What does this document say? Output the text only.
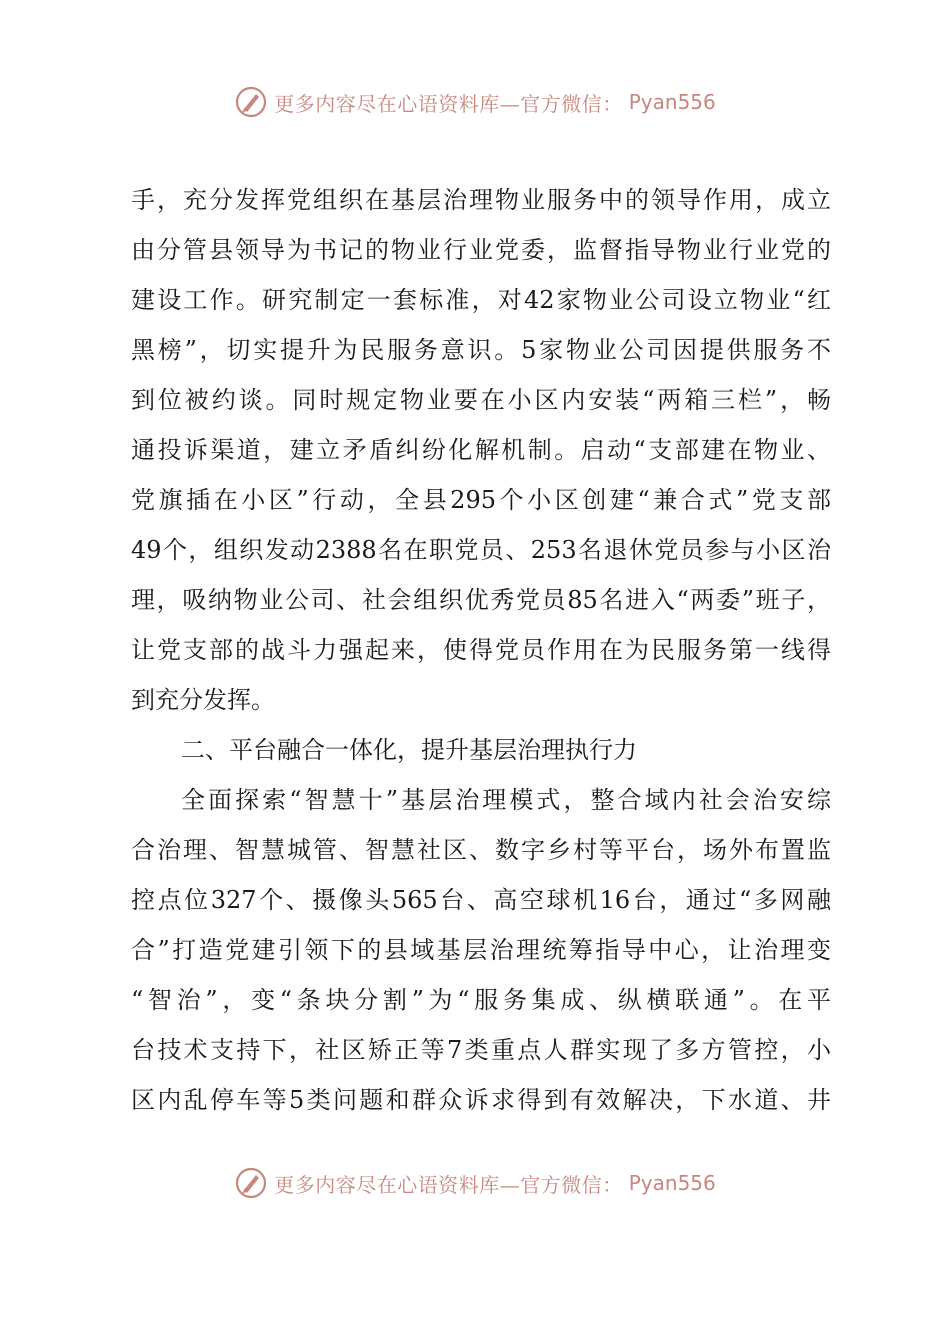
更多内容尽在心语资料库—官方微信： Pyan556
手，充分发挥党组织在基层治理物业服务中的领导作用，成立
由分管县领导为书记的物业行业党委，监督指导物业行业党的
建设工作。研究制定一套标准，对42家物业公司设立物业“红
黑榜”，切实提升为民服务意识。5家物业公司因提供服务不
到位被约谈。同时规定物业要在小区内安装“两箱三栏”，畅
通投诉渠道，建立矛盾纠纷化解机制。启动“支部建在物业、
党旗插在小区”行动，全县295个小区创建“兼合式”党支部
49个，组织发动2388名在职党员、253名退休党员参与小区治
理，吸纳物业公司、社会组织优秀党员85名进入“两委”班子，
让党支部的战斗力强起来，使得党员作用在为民服务第一线得
到充分发挥。
二、平台融合一体化，提升基层治理执行力
全面探索“智慧十”基层治理模式，整合域内社会治安综
合治理、智慧城管、智慧社区、数字乡村等平台，场外布置监
控点位327个、摄像头565台、高空球机16台，通过“多网融
合”打造党建引领下的县域基层治理统筹指导中心，让治理变
“智治”，变“条块分割”为“服务集成、纵横联通”。在平
台技术支持下，社区矫正等7类重点人群实现了多方管控，小
区内乱停车等5类问题和群众诉求得到有效解决，下水道、井
更多内容尽在心语资料库—官方微信： Pyan556
